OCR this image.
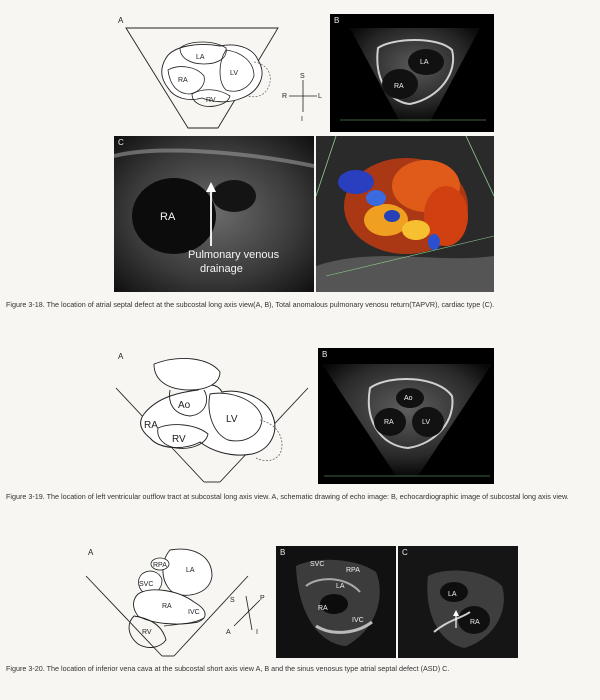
A
LA
RA
LV
RV
S
R	L
I
LA
RA
B
RA
Pulmonary venous
drainage
C
Figure 3-18. The location of atrial septal defect at the subcostal long axis view(A, B), Total anomalous pulmonary venosu return(TAPVR), cardiac type (C).
A
Ao
LV
RA
RV
Ao
RA	LV
B
Figure 3-19. The location of left ventricular outflow tract at subcostal long axis view. A, schematic drawing of echo image: B, echocardiographic image of subcostal long axis view.
A
RPA
LA
SVC
RA
IVC
RV
S
A
P
I
SVC
RPA
LA
RA
IVC
B
LA
RA
C
Figure 3-20. The location of inferior vena cava at the subcostal short axis view A, B and the sinus venosus type atrial septal defect (ASD) C.
